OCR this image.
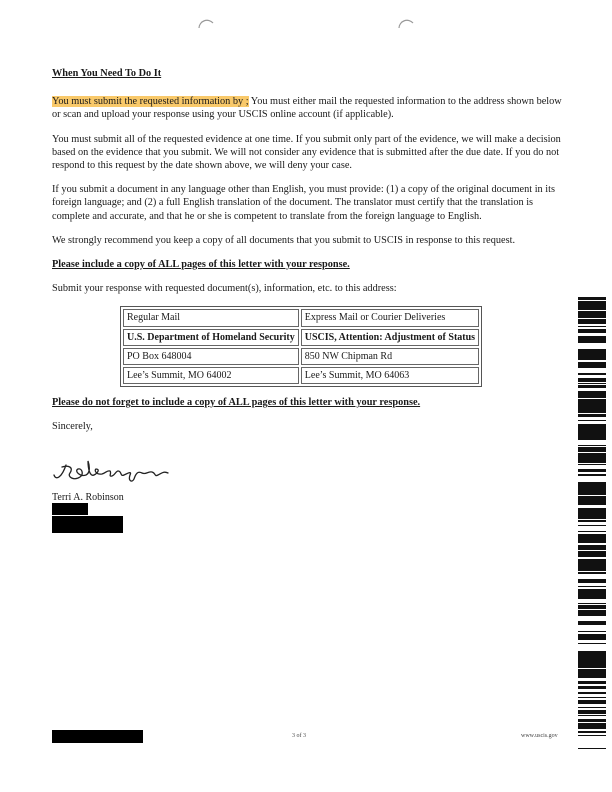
When You Need To Do It

You must submit the requested information by ; You must either mail the requested information to the address shown below or scan and upload your response using your USCIS online account (if applicable).

You must submit all of the requested evidence at one time. If you submit only part of the evidence, we will make a decision based on the evidence that you submit. We will not consider any evidence that is submitted after the due date. If you do not respond to this request by the date shown above, we will deny your case.

If you submit a document in any language other than English, you must provide: (1) a copy of the original document in its foreign language; and (2) a full English translation of the document. The translator must certify that the translation is complete and accurate, and that he or she is competent to translate from the foreign language to English.

We strongly recommend you keep a copy of all documents that you submit to USCIS in response to this request.

Please include a copy of ALL pages of this letter with your response.

Submit your response with requested document(s), information, etc. to this address:

Regular Mail	Express Mail or Courier Deliveries
U.S. Department of Homeland Security	USCIS, Attention: Adjustment of Status
PO Box 648004	850 NW Chipman Rd
Lee’s Summit, MO 64002	Lee’s Summit, MO 64063
Please do not forget to include a copy of ALL pages of this letter with your response.

Sincerely,

Terri A. Robinson
3 of 3	www.uscis.gov
